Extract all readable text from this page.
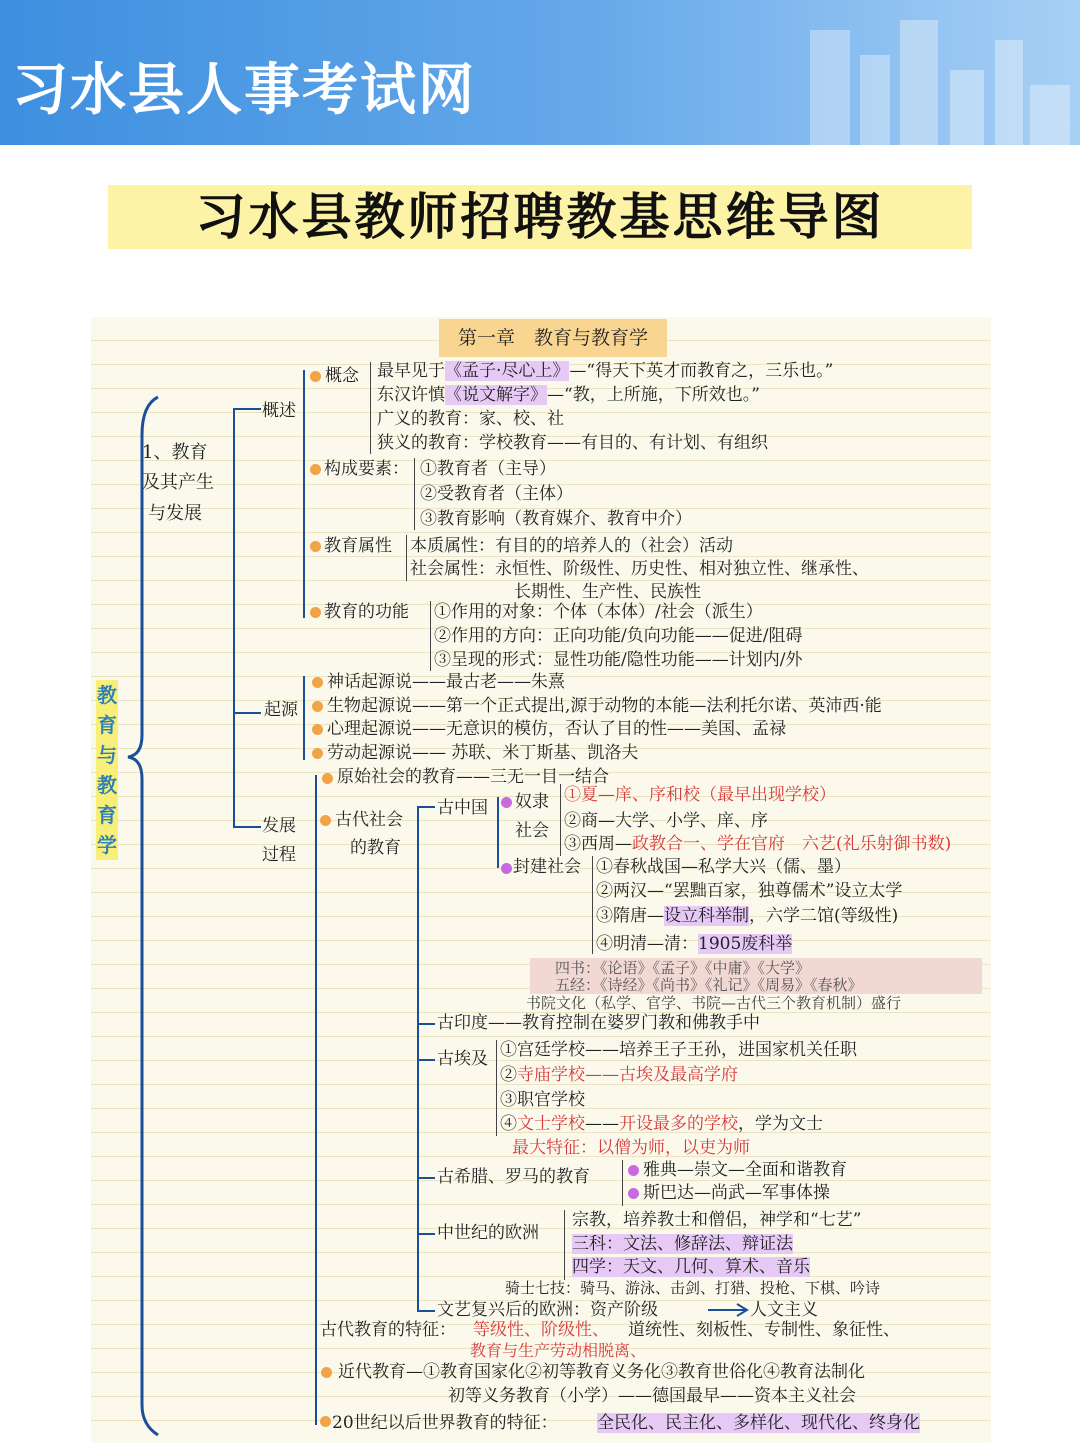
习水县人事考试网
习水县教师招聘教基思维导图
第一章　教育与教育学
教
育
与
教
育
学
1、教育
及其产生
与发展
概述
起源
发展
过程
概念 最早见于《孟子·尽心上》—“得天下英才而教育之，三乐也。”
东汉许慎《说文解字》—“教，上所施，下所效也。”
广义的教育：家、校、社
狭义的教育：学校教育——有目的、有计划、有组织
构成要素： ①教育者（主导）
②受教育者（主体）
③教育影响（教育媒介、教育中介）
教育属性 本质属性：有目的的培养人的（社会）活动
社会属性：永恒性、阶级性、历史性、相对独立性、继承性、
长期性、生产性、民族性
教育的功能 ①作用的对象：个体（本体）/社会（派生）
②作用的方向：正向功能/负向功能——促进/阻碍
③呈现的形式：显性功能/隐性功能——计划内/外
神话起源说——最古老——朱熹
生物起源说——第一个正式提出,源于动物的本能—法利托尔诺、英沛西·能
心理起源说——无意识的模仿，否认了目的性——美国、孟禄
劳动起源说—— 苏联、米丁斯基、凯洛夫
原始社会的教育——三无一目一结合
古代社会
的教育
古中国 奴隶
社会
①夏—庠、序和校（最早出现学校）
②商—大学、小学、庠、序
③西周—政教合一、学在官府　 六艺(礼乐射御书数)
封建社会 ①春秋战国—私学大兴（儒、墨）
②两汉—“罢黜百家，独尊儒术”设立太学
③隋唐—设立科举制，六学二馆(等级性)
④明清—清：1905废科举
四书：《论语》《孟子》《中庸》《大学》
五经：《诗经》《尚书》《礼记》《周易》《春秋》
书院文化（私学、官学、书院—古代三个教育机制）盛行
古印度——教育控制在婆罗门教和佛教手中
古埃及 ①宫廷学校——培养王子王孙，进国家机关任职
②寺庙学校——古埃及最高学府
③职官学校
④文士学校——开设最多的学校，学为文士
最大特征：以僧为师，以吏为师
古希腊、罗马的教育	雅典—崇文—全面和谐教育
斯巴达—尚武—军事体操
中世纪的欧洲
宗教，培养教士和僧侣，神学和“七艺”
三科：文法、修辞法、辩证法
四学：天文、几何、算术、音乐
骑士七技：骑马、游泳、击剑、打猎、投枪、下棋、吟诗
文艺复兴后的欧洲：资产阶级	人文主义
古代教育的特征： 等级性、阶级性、 道统性、刻板性、专制性、象征性、
教育与生产劳动相脱离、
近代教育—①教育国家化②初等教育义务化③教育世俗化④教育法制化
初等义务教育（小学）——德国最早——资本主义社会
20世纪以后世界教育的特征： 全民化、民主化、多样化、现代化、终身化
